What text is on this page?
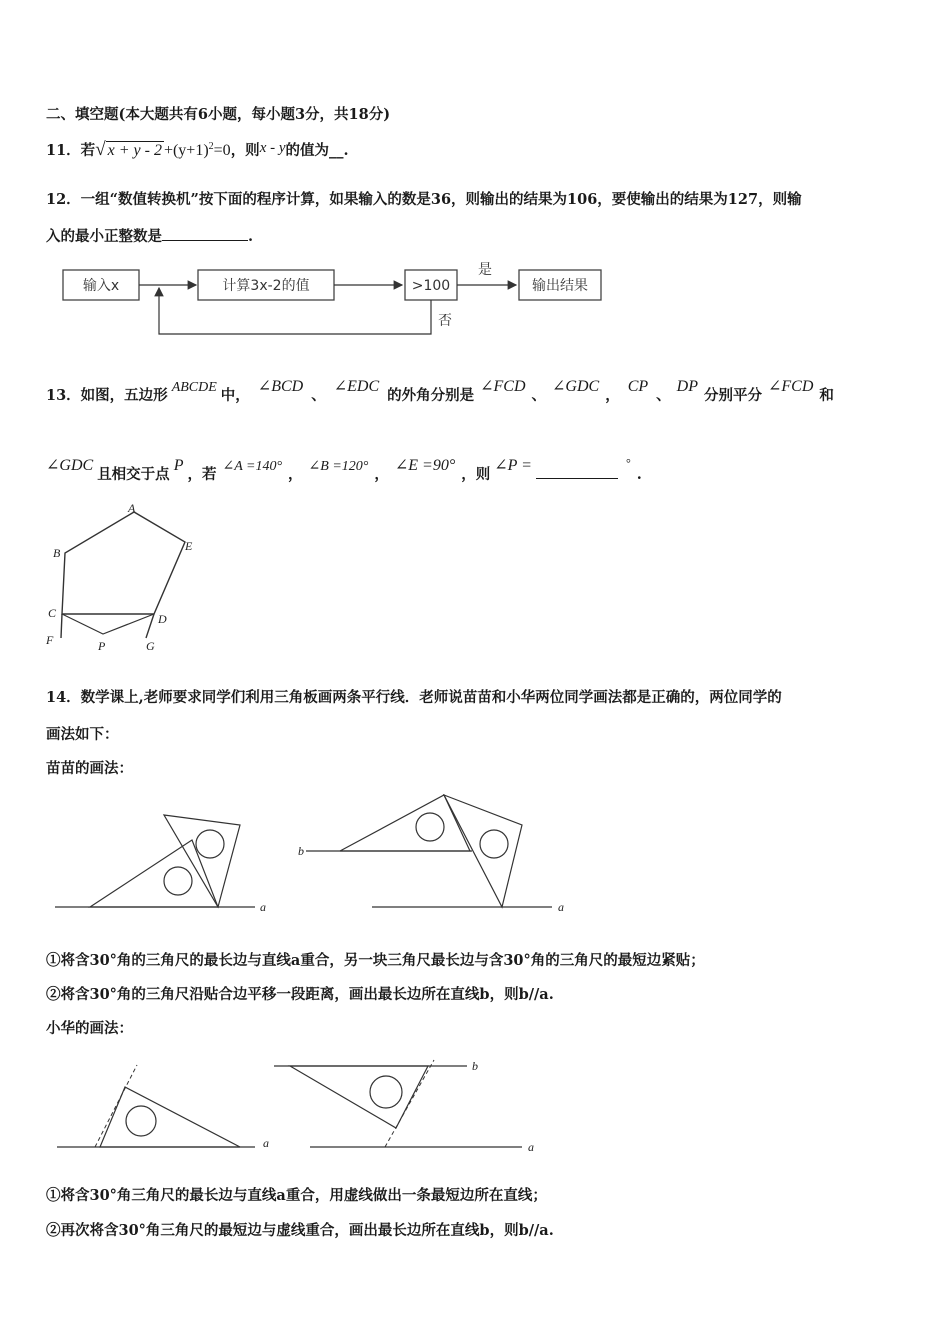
二、填空题(本大题共有6小题，每小题3分，共18分)
11．若√ $x + y - 2 +(y+1)^2=0$，则x - y的值为__.
12．一组“数值转换机”按下面的程序计算，如果输入的数是36，则输出的结果为106，要使输出的结果为127，则输
入的最小正整数是	.
输入x	计算3x-2的值	>100
是
输出结果
否
13．如图，五边形 ABCDE 中，∠BCD、∠EDC的外角分别是∠FCD、∠GDC，CP、DP分别平分∠FCD和
∠GDC且相交于点P，若 ∠A =140° ， ∠B =120° ，∠E =90°，则∠P =	°.
A
B
C	D
E
F	G
P
14．数学课上,老师要求同学们利用三角板画两条平行线．老师说苗苗和小华两位同学画法都是正确的，两位同学的
画法如下：
苗苗的画法：
a	a
b
①将含30°角的三角尺的最长边与直线a重合，另一块三角尺最长边与含30°角的三角尺的最短边紧贴；
②将含30°角的三角尺沿贴合边平移一段距离，画出最长边所在直线b，则b//a.
小华的画法：
a	a
b
①将含30°角三角尺的最长边与直线a重合，用虚线做出一条最短边所在直线；
②再次将含30°角三角尺的最短边与虚线重合，画出最长边所在直线b，则b//a.
